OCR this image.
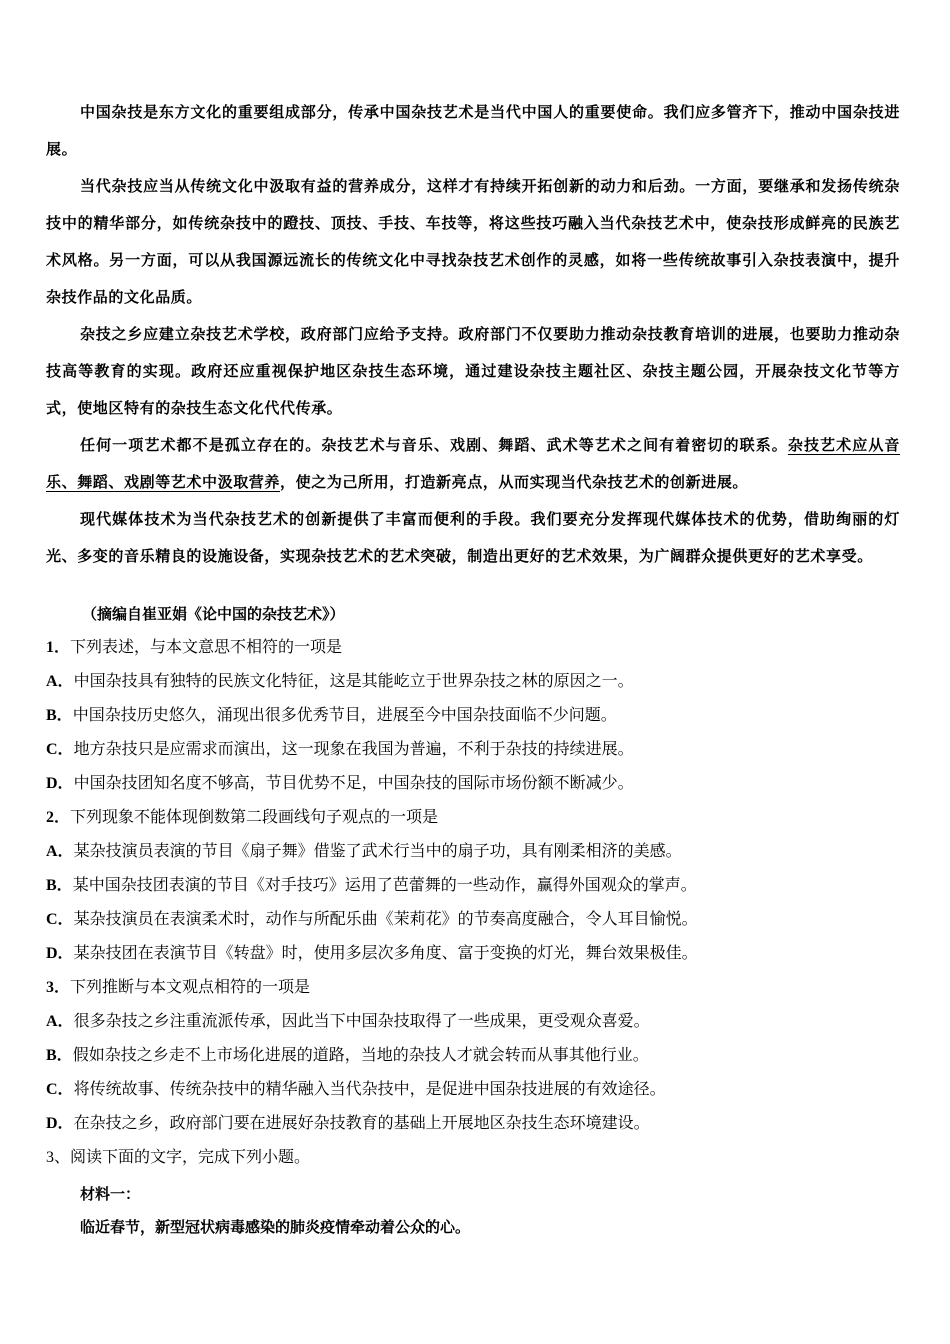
中国杂技是东方文化的重要组成部分，传承中国杂技艺术是当代中国人的重要使命。我们应多管齐下，推动中国杂技进展。

当代杂技应当从传统文化中汲取有益的营养成分，这样才有持续开拓创新的动力和后劲。一方面，要继承和发扬传统杂技中的精华部分，如传统杂技中的蹬技、顶技、手技、车技等，将这些技巧融入当代杂技艺术中，使杂技形成鲜亮的民族艺术风格。另一方面，可以从我国源远流长的传统文化中寻找杂技艺术创作的灵感，如将一些传统故事引入杂技表演中，提升杂技作品的文化品质。

杂技之乡应建立杂技艺术学校，政府部门应给予支持。政府部门不仅要助力推动杂技教育培训的进展，也要助力推动杂技高等教育的实现。政府还应重视保护地区杂技生态环境，通过建设杂技主题社区、杂技主题公园，开展杂技文化节等方式，使地区特有的杂技生态文化代代传承。

任何一项艺术都不是孤立存在的。杂技艺术与音乐、戏剧、舞蹈、武术等艺术之间有着密切的联系。杂技艺术应从音乐、舞蹈、戏剧等艺术中汲取营养，使之为己所用，打造新亮点，从而实现当代杂技艺术的创新进展。

现代媒体技术为当代杂技艺术的创新提供了丰富而便利的手段。我们要充分发挥现代媒体技术的优势，借助绚丽的灯光、多变的音乐精良的设施设备，实现杂技艺术的艺术突破，制造出更好的艺术效果，为广阔群众提供更好的艺术享受。

（摘编自崔亚娟《论中国的杂技艺术》）
1．下列表述，与本文意思不相符的一项是
A．中国杂技具有独特的民族文化特征，这是其能屹立于世界杂技之林的原因之一。
B．中国杂技历史悠久，涌现出很多优秀节目，进展至今中国杂技面临不少问题。
C．地方杂技只是应需求而演出，这一现象在我国为普遍，不利于杂技的持续进展。
D．中国杂技团知名度不够高，节目优势不足，中国杂技的国际市场份额不断减少。
2．下列现象不能体现倒数第二段画线句子观点的一项是
A．某杂技演员表演的节目《扇子舞》借鉴了武术行当中的扇子功，具有刚柔相济的美感。
B．某中国杂技团表演的节目《对手技巧》运用了芭蕾舞的一些动作，赢得外国观众的掌声。
C．某杂技演员在表演柔术时，动作与所配乐曲《茉莉花》的节奏高度融合，令人耳目愉悦。
D．某杂技团在表演节目《转盘》时，使用多层次多角度、富于变换的灯光，舞台效果极佳。
3．下列推断与本文观点相符的一项是
A．很多杂技之乡注重流派传承，因此当下中国杂技取得了一些成果，更受观众喜爱。
B．假如杂技之乡走不上市场化进展的道路，当地的杂技人才就会转而从事其他行业。
C．将传统故事、传统杂技中的精华融入当代杂技中，是促进中国杂技进展的有效途径。
D．在杂技之乡，政府部门要在进展好杂技教育的基础上开展地区杂技生态环境建设。
3、阅读下面的文字，完成下列小题。
材料一：
临近春节，新型冠状病毒感染的肺炎疫情牵动着公众的心。
